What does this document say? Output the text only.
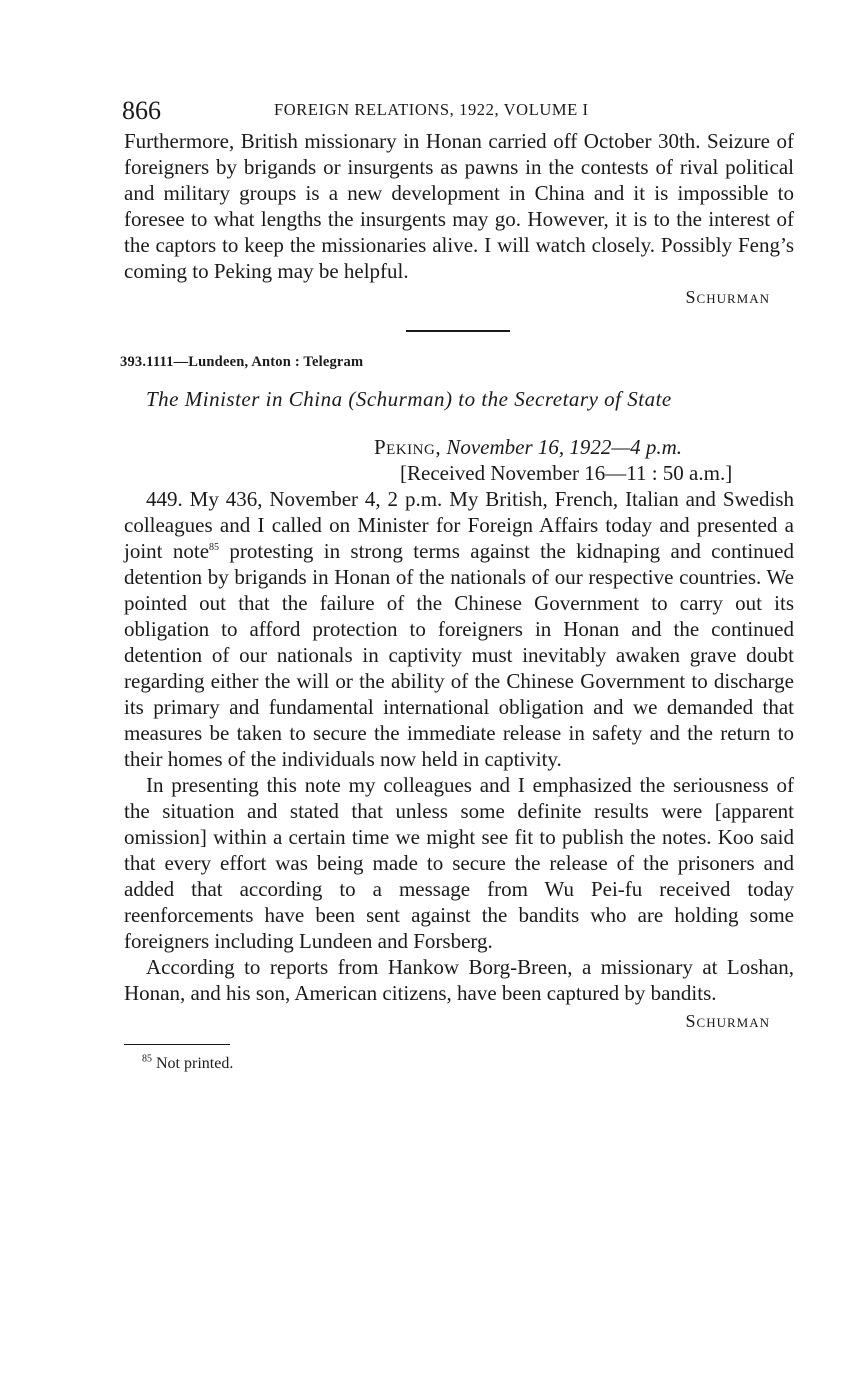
866	FOREIGN RELATIONS, 1922, VOLUME I

Furthermore, British missionary in Honan carried off October 30th. Seizure of foreigners by brigands or insurgents as pawns in the contests of rival political and military groups is a new development in China and it is impossible to foresee to what lengths the insurgents may go. However, it is to the interest of the captors to keep the missionaries alive. I will watch closely. Possibly Feng’s coming to Peking may be helpful.

Schurman

393.1111—Lundeen, Anton : Telegram

The Minister in China (Schurman) to the Secretary of State

Peking, November 16, 1922—4 p.m.

[Received November 16—11 : 50 a.m.]

449. My 436, November 4, 2 p.m. My British, French, Italian and Swedish colleagues and I called on Minister for Foreign Affairs today and presented a joint note$^{85}$ protesting in strong terms against the kidnaping and continued detention by brigands in Honan of the nationals of our respective countries. We pointed out that the failure of the Chinese Government to carry out its obligation to afford protection to foreigners in Honan and the continued detention of our nationals in captivity must inevitably awaken grave doubt regarding either the will or the ability of the Chinese Government to discharge its primary and fundamental international obligation and we demanded that measures be taken to secure the immediate release in safety and the return to their homes of the individuals now held in captivity.

In presenting this note my colleagues and I emphasized the seriousness of the situation and stated that unless some definite results were [apparent omission] within a certain time we might see fit to publish the notes. Koo said that every effort was being made to secure the release of the prisoners and added that according to a message from Wu Pei-fu received today reenforcements have been sent against the bandits who are holding some foreigners including Lundeen and Forsberg.

According to reports from Hankow Borg-Breen, a missionary at Loshan, Honan, and his son, American citizens, have been captured by bandits.

Schurman

$^{85}$ Not printed.
